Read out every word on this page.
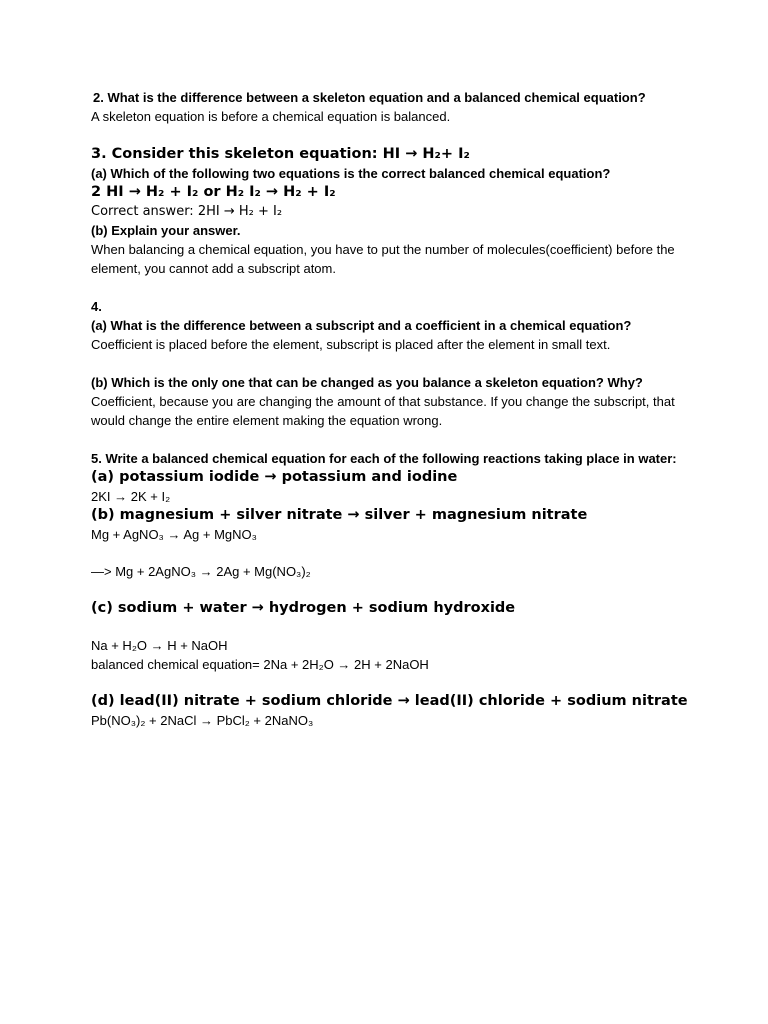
2. What is the difference between a skeleton equation and a balanced chemical equation?

A skeleton equation is before a chemical equation is balanced.

3. Consider this skeleton equation: HI → H₂+ I₂

(a) Which of the following two equations is the correct balanced chemical equation?

2 HI → H₂ + I₂ or H₂ I₂ → H₂ + I₂

Correct answer: 2HI → H₂ + I₂

(b) Explain your answer.

When balancing a chemical equation, you have to put the number of molecules(coefficient) before the element, you cannot add a subscript atom.

4.

(a) What is the difference between a subscript and a coefficient in a chemical equation?

Coefficient is placed before the element, subscript is placed after the element in small text.

(b) Which is the only one that can be changed as you balance a skeleton equation? Why?

Coefficient, because you are changing the amount of that substance. If you change the subscript, that would change the entire element making the equation wrong.

5. Write a balanced chemical equation for each of the following reactions taking place in water:

(a) potassium iodide → potassium and iodine

2KI → 2K + I₂

(b) magnesium + silver nitrate → silver + magnesium nitrate

Mg + AgNO₃ → Ag + MgNO₃

—> Mg + 2AgNO₃ → 2Ag + Mg(NO₃)₂

(c) sodium + water → hydrogen + sodium hydroxide

Na + H₂O → H + NaOH

balanced chemical equation= 2Na + 2H₂O → 2H + 2NaOH

(d) lead(II) nitrate + sodium chloride → lead(II) chloride + sodium nitrate

Pb(NO₃)₂ + 2NaCl → PbCl₂ + 2NaNO₃
